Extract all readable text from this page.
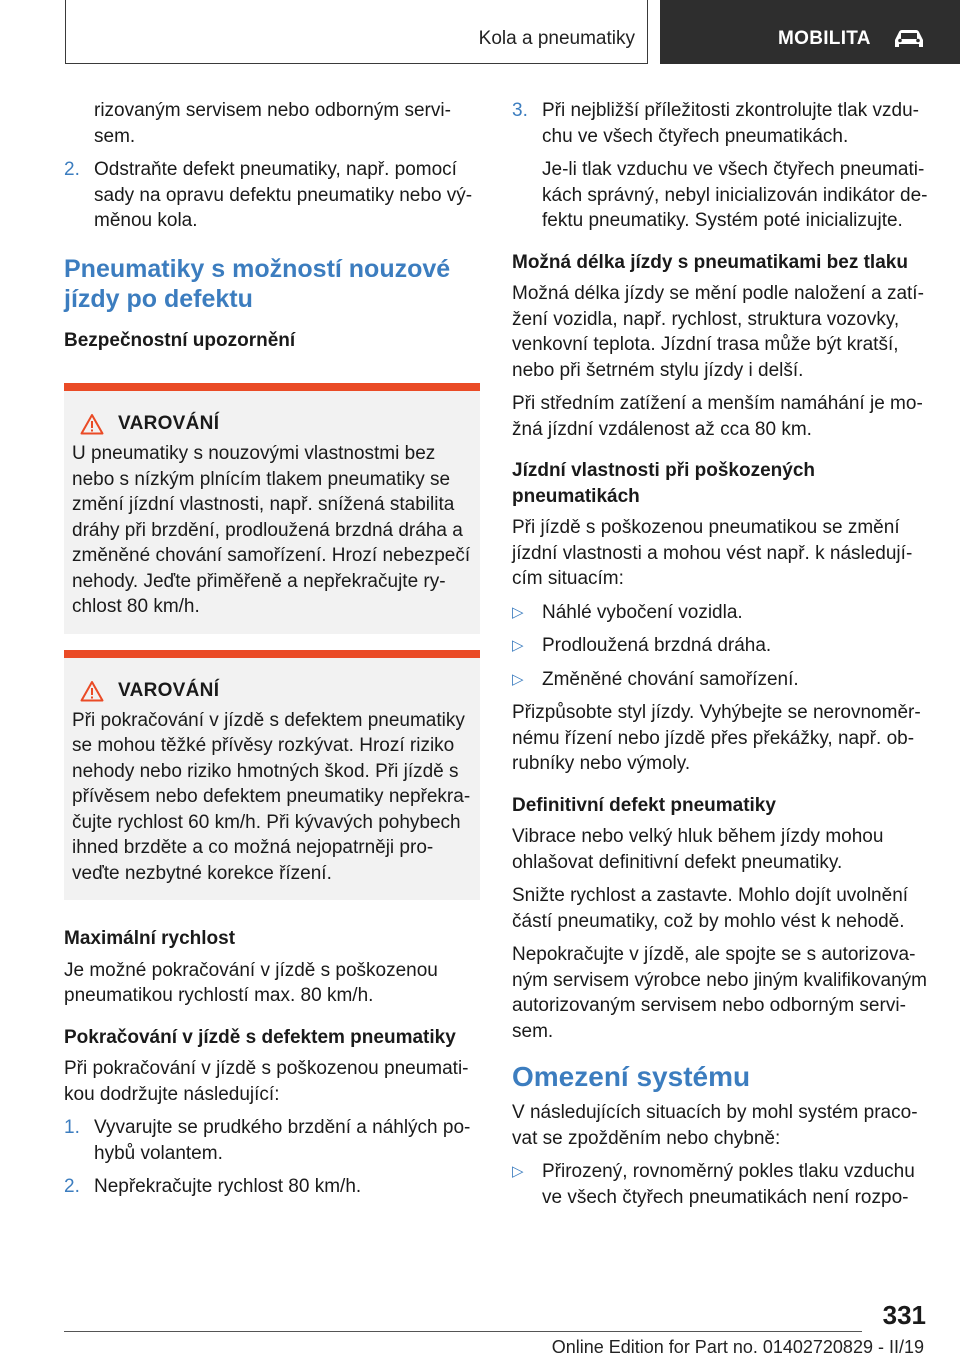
Kola a pneumatiky	MOBILITA

rizovaným servisem nebo odborným servisem.

2. Odstraňte defekt pneumatiky, např. pomocí sady na opravu defektu pneumatiky nebo výměnou kola.
Pneumatiky s možností nouzové jízdy po defektu
Bezpečnostní upozornění
VAROVÁNÍ

U pneumatiky s nouzovými vlastnostmi bez nebo s nízkým plnícím tlakem pneumatiky se změní jízdní vlastnosti, např. snížená stabilita dráhy při brzdění, prodloužená brzdná dráha a změněné chování samořízení. Hrozí nebezpečí nehody. Jeďte přiměřeně a nepřekračujte rychlost 80 km/h.

VAROVÁNÍ

Při pokračování v jízdě s defektem pneumatiky se mohou těžké přívěsy rozkývat. Hrozí riziko nehody nebo riziko hmotných škod. Při jízdě s přívěsem nebo defektem pneumatiky nepřekračujte rychlost 60 km/h. Při kývavých pohybech ihned brzděte a co možná nejopatrněji proveďte nezbytné korekce řízení.

Maximální rychlost

Je možné pokračování v jízdě s poškozenou pneumatikou rychlostí max. 80 km/h.

Pokračování v jízdě s defektem pneumatiky

Při pokračování v jízdě s poškozenou pneumatikou dodržujte následující:

1. Vyvarujte se prudkého brzdění a náhlých pohybů volantem.
2. Nepřekračujte rychlost 80 km/h.
3. Při nejbližší příležitosti zkontrolujte tlak vzduchu ve všech čtyřech pneumatikách.

Je-li tlak vzduchu ve všech čtyřech pneumatikách správný, nebyl inicializován indikátor defektu pneumatiky. Systém poté inicializujte.

Možná délka jízdy s pneumatikami bez tlaku

Možná délka jízdy se mění podle naložení a zatížení vozidla, např. rychlost, struktura vozovky, venkovní teplota. Jízdní trasa může být kratší, nebo při šetrném stylu jízdy i delší.

Při středním zatížení a menším namáhání je možná jízdní vzdálenost až cca 80 km.

Jízdní vlastnosti při poškozených pneumatikách

Při jízdě s poškozenou pneumatikou se změní jízdní vlastnosti a mohou vést např. k následujícím situacím:

▷ Náhlé vybočení vozidla.
▷ Prodloužená brzdná dráha.
▷ Změněné chování samořízení.

Přizpůsobte styl jízdy. Vyhýbejte se nerovnoměrnému řízení nebo jízdě přes překážky, např. obrubníky nebo výmoly.

Definitivní defekt pneumatiky

Vibrace nebo velký hluk během jízdy mohou ohlašovat definitivní defekt pneumatiky.

Snižte rychlost a zastavte. Mohlo dojít uvolnění částí pneumatiky, což by mohlo vést k nehodě.

Nepokračujte v jízdě, ale spojte se s autorizovaným servisem výrobce nebo jiným kvalifikovaným autorizovaným servisem nebo odborným servisem.

Omezení systému

V následujících situacích by mohl systém pracovat se zpožděním nebo chybně:

▷ Přirozený, rovnoměrný pokles tlaku vzduchu ve všech čtyřech pneumatikách není rozpo-
331
Online Edition for Part no. 01402720829 - II/19
